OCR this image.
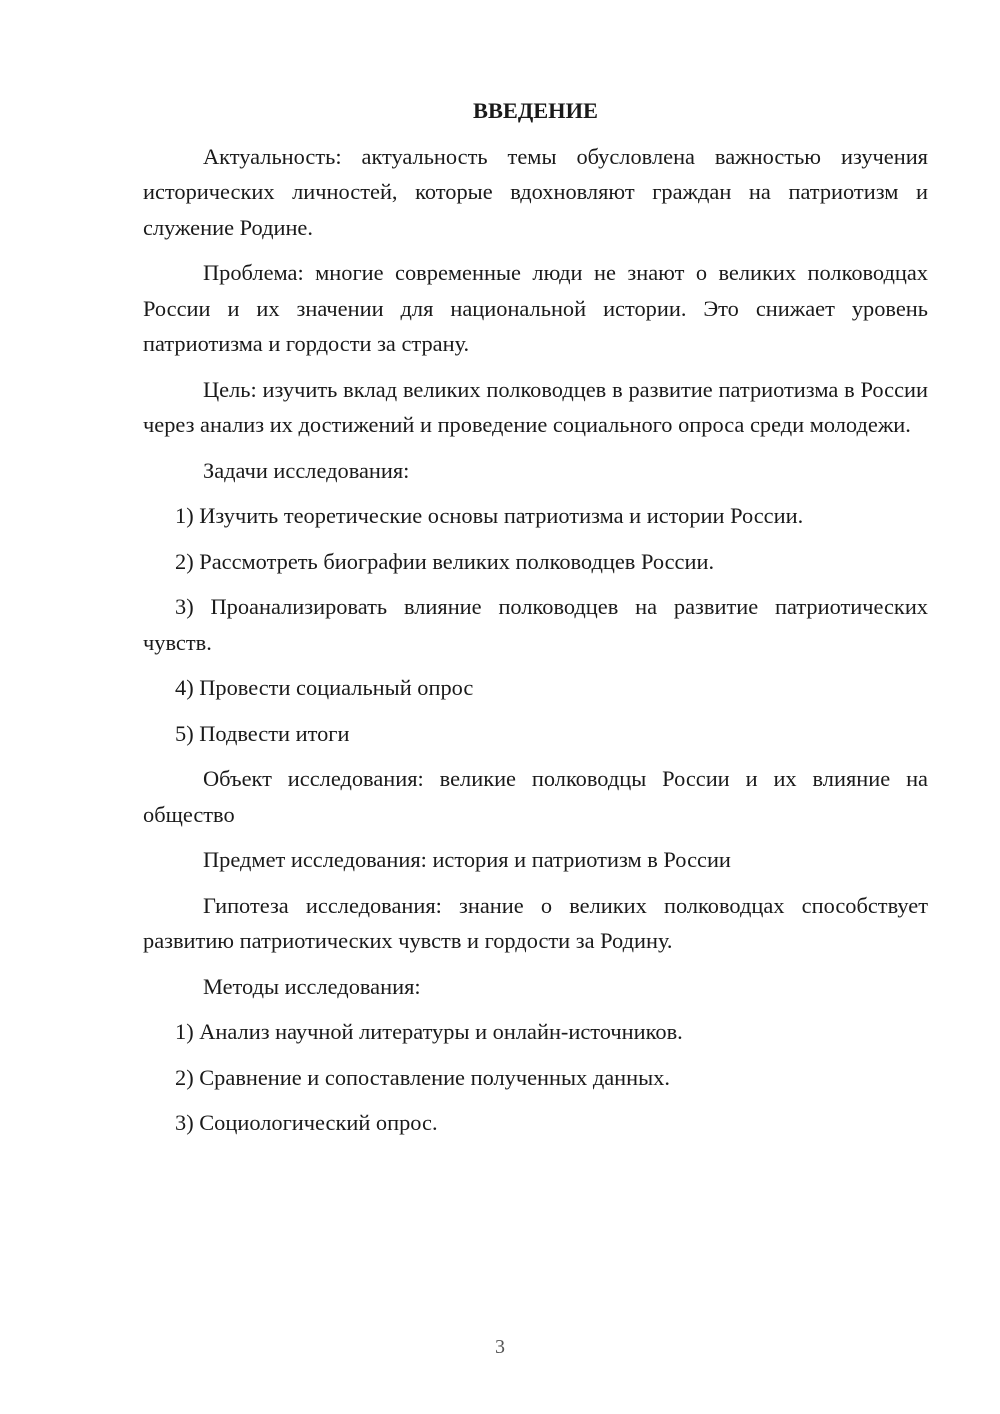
ВВЕДЕНИЕ

Актуальность: актуальность темы обусловлена важностью изучения исторических личностей, которые вдохновляют граждан на патриотизм и служение Родине.

Проблема: многие современные люди не знают о великих полководцах России и их значении для национальной истории. Это снижает уровень патриотизма и гордости за страну.

Цель: изучить вклад великих полководцев в развитие патриотизма в России через анализ их достижений и проведение социального опроса среди молодежи.

Задачи исследования:

1) Изучить теоретические основы патриотизма и истории России.

2) Рассмотреть биографии великих полководцев России.

3) Проанализировать влияние полководцев на развитие патриотических чувств.

4) Провести социальный опрос

5) Подвести итоги

Объект исследования: великие полководцы России и их влияние на общество

Предмет исследования: история и патриотизм в России

Гипотеза исследования: знание о великих полководцах способствует развитию патриотических чувств и гордости за Родину.

Методы исследования:

1) Анализ научной литературы и онлайн-источников.

2) Сравнение и сопоставление полученных данных.

3) Социологический опрос.

3
